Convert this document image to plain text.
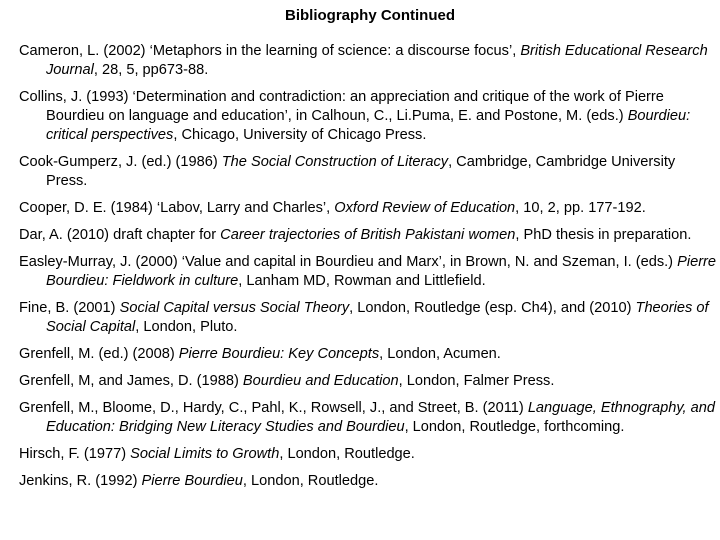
Bibliography Continued
Cameron, L. (2002) ‘Metaphors in the learning of science: a discourse focus’, British Educational Research Journal, 28, 5, pp673-88.
Collins, J. (1993) ‘Determination and contradiction: an appreciation and critique of the work of Pierre Bourdieu on language and education’, in Calhoun, C., Li.Puma, E. and Postone, M. (eds.) Bourdieu: critical perspectives, Chicago, University of Chicago Press.
Cook-Gumperz, J. (ed.) (1986) The Social Construction of Literacy, Cambridge, Cambridge University Press.
Cooper, D. E. (1984) ‘Labov, Larry and Charles’, Oxford Review of Education, 10, 2, pp. 177-192.
Dar, A. (2010) draft chapter for Career trajectories of British Pakistani women, PhD thesis in preparation.
Easley-Murray, J. (2000) ‘Value and capital in Bourdieu and Marx’, in Brown, N. and Szeman, I. (eds.) Pierre Bourdieu: Fieldwork in culture, Lanham MD, Rowman and Littlefield.
Fine, B. (2001) Social Capital versus Social Theory, London, Routledge (esp. Ch4), and (2010) Theories of Social Capital, London, Pluto.
Grenfell, M. (ed.) (2008) Pierre Bourdieu: Key Concepts, London, Acumen.
Grenfell, M, and James, D. (1988) Bourdieu and Education, London, Falmer Press.
Grenfell, M., Bloome, D., Hardy, C., Pahl, K., Rowsell, J., and Street, B. (2011) Language, Ethnography, and Education: Bridging New Literacy Studies and Bourdieu, London, Routledge, forthcoming.
Hirsch, F. (1977) Social Limits to Growth, London, Routledge.
Jenkins, R. (1992) Pierre Bourdieu, London, Routledge.
